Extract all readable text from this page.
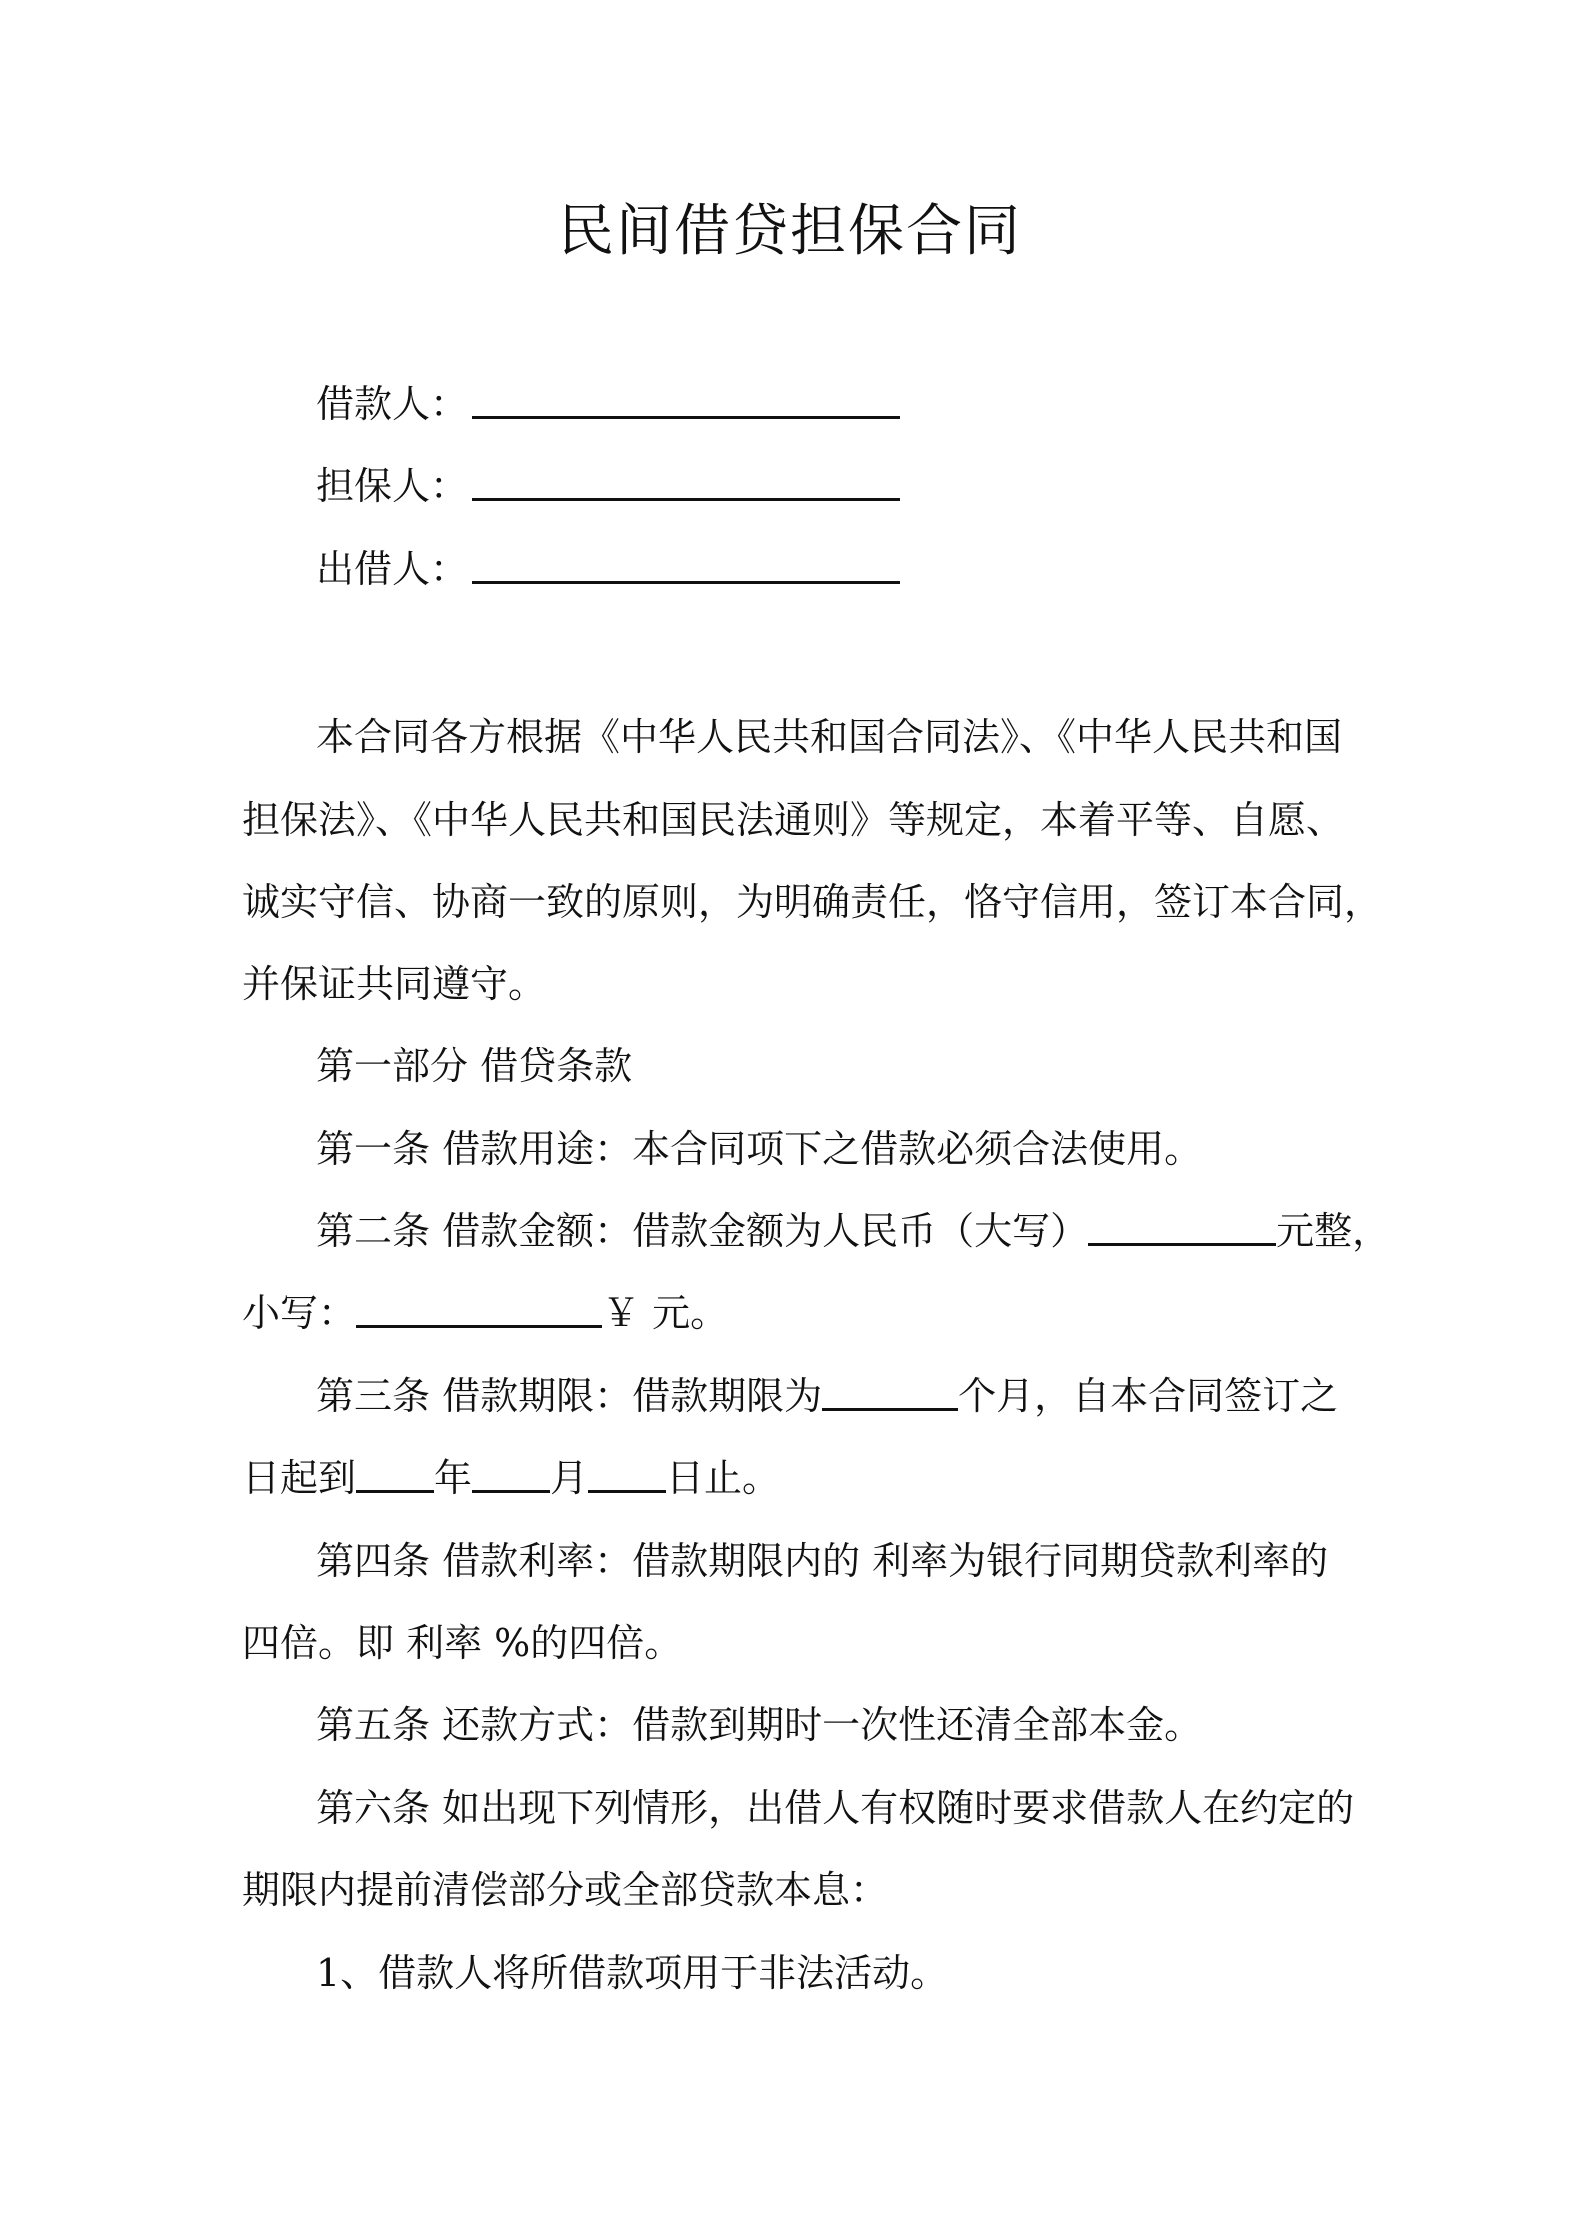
民间借贷担保合同
借款人：
担保人：
出借人：
本合同各方根据《中华人民共和国合同法》、《中华人民共和国
担保法》、《中华人民共和国民法通则》等规定，本着平等、自愿、
诚实守信、协商一致的原则，为明确责任，恪守信用，签订本合同，
并保证共同遵守。
第一部分 借贷条款
第一条 借款用途：本合同项下之借款必须合法使用。
第二条 借款金额：借款金额为人民币（大写）	元整，
小写：	￥ 元。
第三条 借款期限：借款期限为	个月，自本合同签订之
日起到 年 月 日止。
第四条 借款利率：借款期限内的 利率为银行同期贷款利率的
四倍。即 利率 %的四倍。
第五条 还款方式：借款到期时一次性还清全部本金。
第六条 如出现下列情形，出借人有权随时要求借款人在约定的
期限内提前清偿部分或全部贷款本息：
1、借款人将所借款项用于非法活动。
